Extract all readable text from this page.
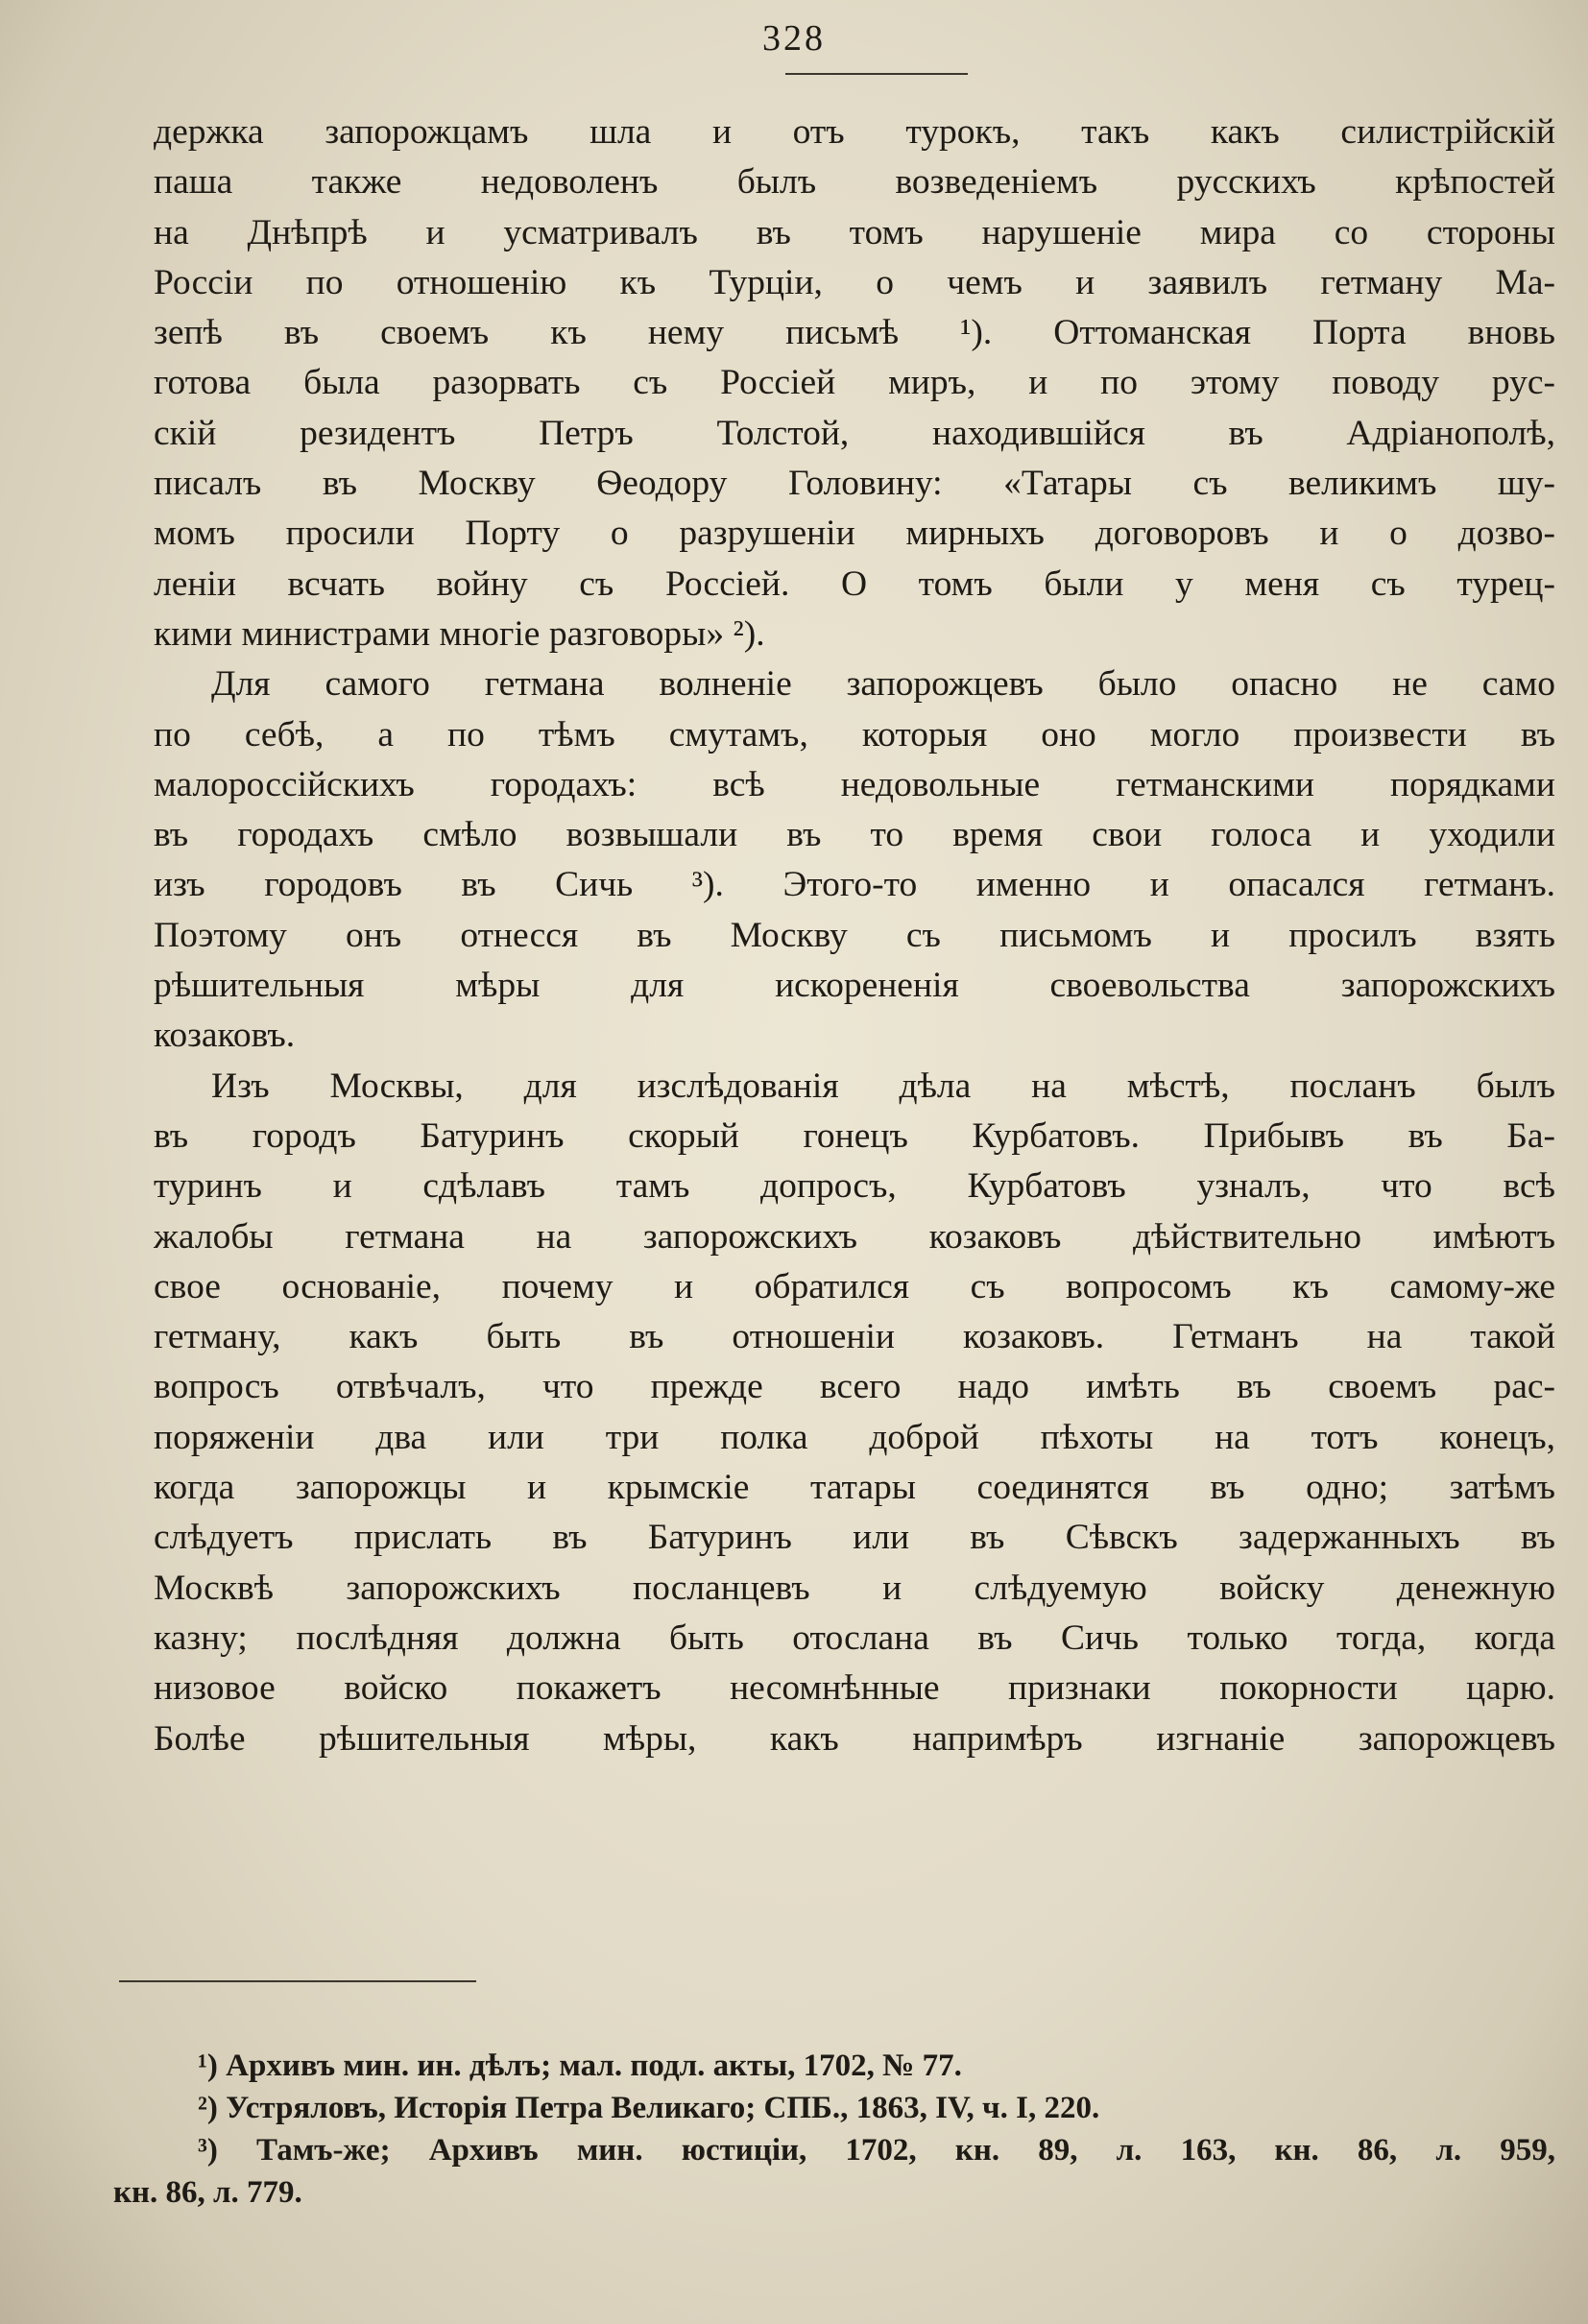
328
держка запорожцамъ шла и отъ турокъ, такъ какъ силистрійскій
паша также недоволенъ былъ возведеніемъ русскихъ крѣпостей
на Днѣпрѣ и усматривалъ въ томъ нарушеніе мира со стороны
Россіи по отношенію къ Турціи, о чемъ и заявилъ гетману Ма-
зепѣ въ своемъ къ нему письмѣ ¹). Оттоманская Порта вновь
готова была разорвать съ Россіей миръ, и по этому поводу рус-
скій резидентъ Петръ Толстой, находившійся въ Адріанополѣ,
писалъ въ Москву Ѳеодору Головину: «Татары съ великимъ шу-
момъ просили Порту о разрушеніи мирныхъ договоровъ и о дозво-
леніи всчать войну съ Россіей. О томъ были у меня съ турец-
кими министрами многіе разговоры» ²).
Для самого гетмана волненіе запорожцевъ было опасно не само
по себѣ, а по тѣмъ смутамъ, которыя оно могло произвести въ
малороссійскихъ городахъ: всѣ недовольные гетманскими порядками
въ городахъ смѣло возвышали въ то время свои голоса и уходили
изъ городовъ въ Сичь ³). Этого-то именно и опасался гетманъ.
Поэтому онъ отнесся въ Москву съ письмомъ и просилъ взять
рѣшительныя мѣры для искорененія своевольства запорожскихъ
козаковъ.
Изъ Москвы, для изслѣдованія дѣла на мѣстѣ, посланъ былъ
въ городъ Батуринъ скорый гонецъ Курбатовъ. Прибывъ въ Ба-
туринъ и сдѣлавъ тамъ допросъ, Курбатовъ узналъ, что всѣ
жалобы гетмана на запорожскихъ козаковъ дѣйствительно имѣютъ
свое основаніе, почему и обратился съ вопросомъ къ самому-же
гетману, какъ быть въ отношеніи козаковъ. Гетманъ на такой
вопросъ отвѣчалъ, что прежде всего надо имѣть въ своемъ рас-
поряженіи два или три полка доброй пѣхоты на тотъ конецъ,
когда запорожцы и крымскіе татары соединятся въ одно; затѣмъ
слѣдуетъ прислать въ Батуринъ или въ Сѣвскъ задержанныхъ въ
Москвѣ запорожскихъ посланцевъ и слѣдуемую войску денежную
казну; послѣдняя должна быть отослана въ Сичь только тогда, когда
низовое войско покажетъ несомнѣнные признаки покорности царю.
Болѣе рѣшительныя мѣры, какъ напримѣръ изгнаніе запорожцевъ
¹) Архивъ мин. ин. дѣлъ; мал. подл. акты, 1702, № 77.
²) Устряловъ, Исторія Петра Великаго; СПБ., 1863, IV, ч. I, 220.
³) Тамъ-же; Архивъ мин. юстиціи, 1702, кн. 89, л. 163, кн. 86, л. 959,
кн. 86, л. 779.
